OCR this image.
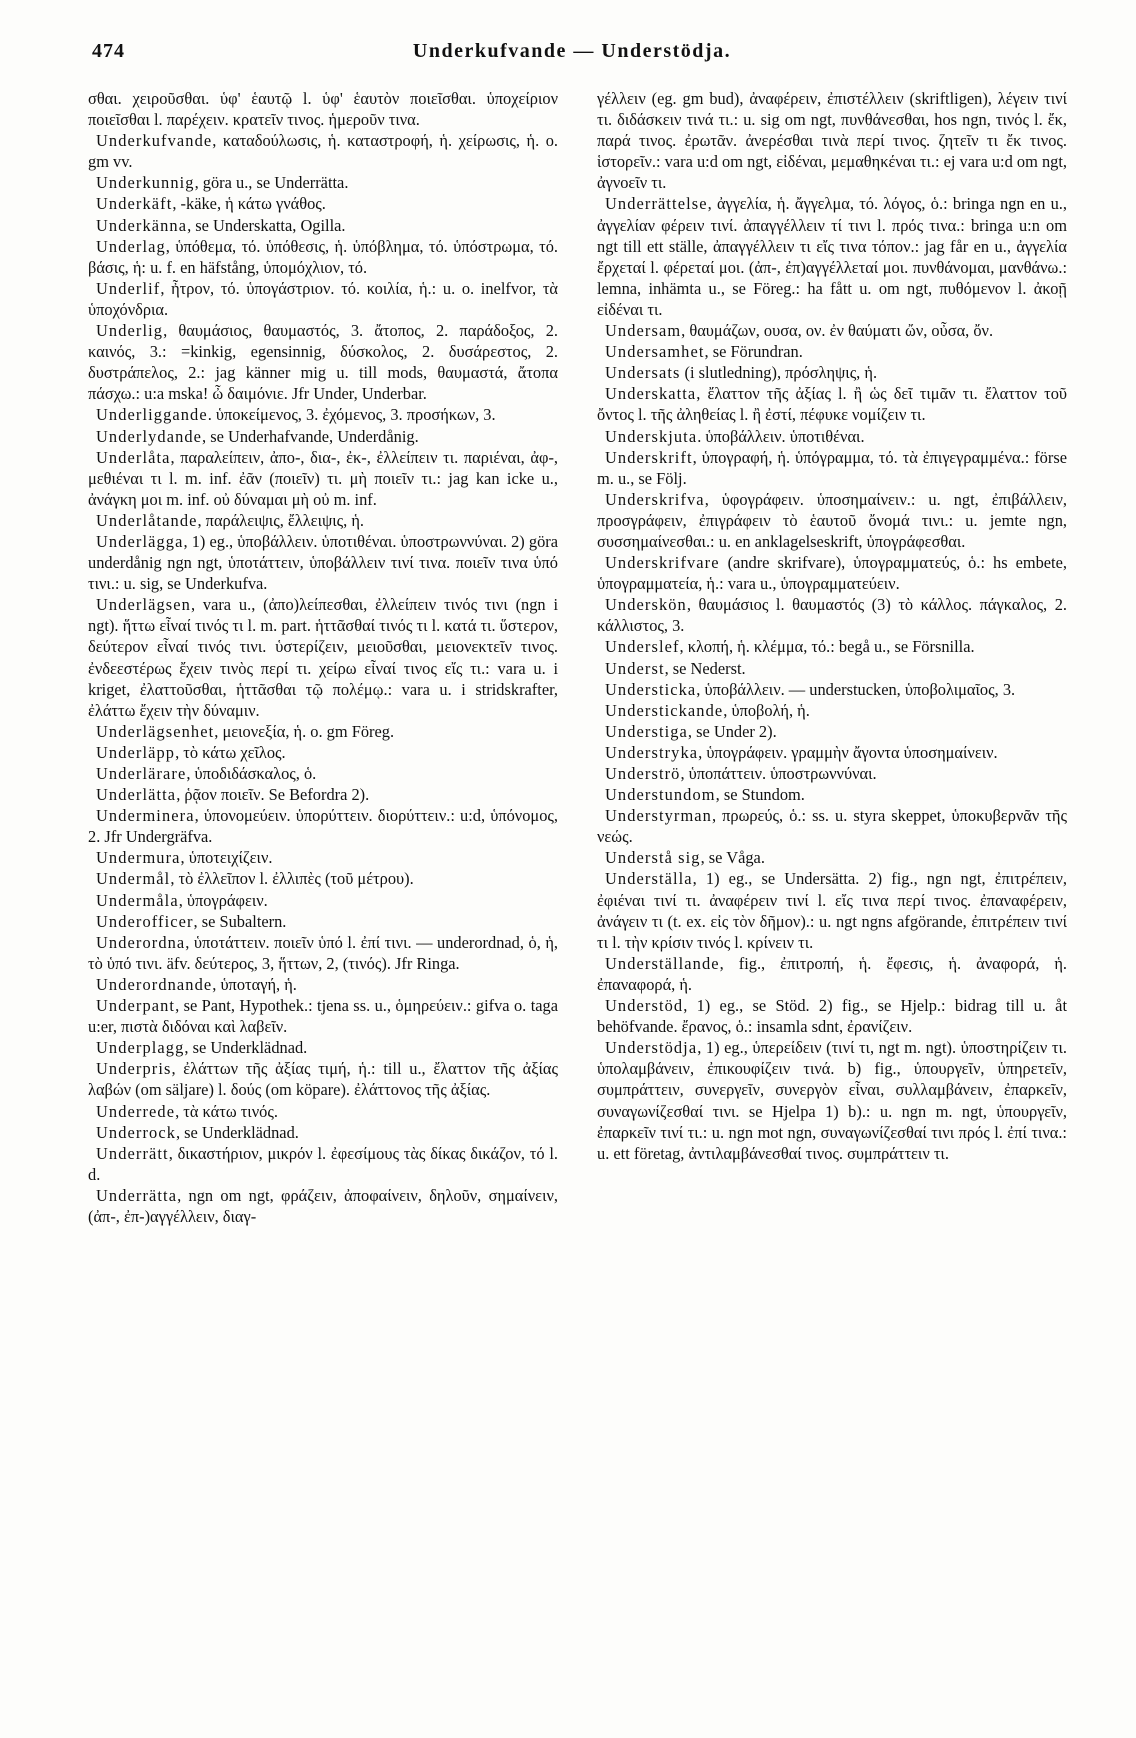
474	Underkufvande — Understödja.

σθαι. χειροῦσθαι. ὑφ' ἑαυτῷ l. ὑφ' ἑαυτὸν ποιεῖσθαι. ὑποχείριον ποιεῖσθαι l. παρέχειν. κρατεῖν τινος. ἡμεροῦν τινα.

Underkufvande, καταδούλωσις, ἡ. καταστροφή, ἡ. χείρωσις, ἡ. o. gm vv.

Underkunnig, göra u., se Underrätta.

Underkäft, -käke, ἡ κάτω γνάθος.

Underkänna, se Underskatta, Ogilla.

Underlag, ὑπόθεμα, τό. ὑπόθεσις, ἡ. ὑπόβλημα, τό. ὑπόστρωμα, τό. βάσις, ἡ: u. f. en häfstång, ὑπομόχλιον, τό.

Underlif, ἦτρον, τό. ὑπογάστριον. τό. κοιλία, ἡ.: u. o. inelfvor, τὰ ὑποχόνδρια.

Underlig, θαυμάσιος, θαυμαστός, 3. ἄτοπος, 2. παράδοξος, 2. καινός, 3.: =kinkig, egensinnig, δύσκολος, 2. δυσάρεστος, 2. δυστράπελος, 2.: jag känner mig u. till mods, θαυμαστά, ἄτοπα πάσχω.: u:a mska! ὦ δαιμόνιε. Jfr Under, Underbar.

Underliggande. ὑποκείμενος, 3. ἐχόμενος, 3. προσήκων, 3.

Underlydande, se Underhafvande, Underdånig.

Underlåta, παραλείπειν, ἀπο-, δια-, ἐκ-, ἐλλείπειν τι. παριέναι, ἀφ-, μεθιέναι τι l. m. inf. ἐᾶν (ποιεῖν) τι. μὴ ποιεῖν τι.: jag kan icke u., ἀνάγκη μοι m. inf. οὐ δύναμαι μὴ οὐ m. inf.

Underlåtande, παράλειψις, ἔλλειψις, ἡ.

Underlägga, 1) eg., ὑποβάλλειν. ὑποτιθέναι. ὑποστρωννύναι. 2) göra underdånig ngn ngt, ὑποτάττειν, ὑποβάλλειν τινί τινα. ποιεῖν τινα ὑπό τινι.: u. sig, se Underkufva.

Underlägsen, vara u., (ἀπο)λείπεσθαι, ἐλλείπειν τινός τινι (ngn i ngt). ἥττω εἶναί τινός τι l. m. part. ἡττᾶσθαί τινός τι l. κατά τι. ὕστερον, δεύτερον εἶναί τινός τινι. ὑστερίζειν, μειοῦσθαι, μειονεκτεῖν τινος. ἐνδεεστέρως ἔχειν τινὸς περί τι. χείρω εἶναί τινος εἴς τι.: vara u. i kriget, ἐλαττοῦσθαι, ἡττᾶσθαι τῷ πολέμῳ.: vara u. i stridskrafter, ἐλάττω ἔχειν τὴν δύναμιν.

Underlägsenhet, μειονεξία, ἡ. o. gm Föreg.

Underläpp, τὸ κάτω χεῖλος.

Underlärare, ὑποδιδάσκαλος, ὁ.

Underlätta, ῥᾷον ποιεῖν. Se Befordra 2).

Underminera, ὑπονομεύειν. ὑπορύττειν. διορύττειν.: u:d, ὑπόνομος, 2. Jfr Undergräfva.

Undermura, ὑποτειχίζειν.

Undermål, τὸ ἐλλεῖπον l. ἐλλιπὲς (τοῦ μέτρου).

Undermåla, ὑπογράφειν.

Underofficer, se Subaltern.

Underordna, ὑποτάττειν. ποιεῖν ὑπό l. ἐπί τινι. — underordnad, ὁ, ἡ, τὸ ὑπό τινι. äfv. δεύτερος, 3, ἥττων, 2, (τινός). Jfr Ringa.

Underordnande, ὑποταγή, ἡ.

Underpant, se Pant, Hypothek.: tjena ss. u., ὁμηρεύειν.: gifva o. taga u:er, πιστὰ διδόναι καὶ λαβεῖν.

Underplagg, se Underklädnad.

Underpris, ἐλάττων τῆς ἀξίας τιμή, ἡ.: till u., ἔλαττον τῆς ἀξίας λαβών (om säljare) l. δούς (om köpare). ἐλάττονος τῆς ἀξίας.

Underrede, τὰ κάτω τινός.

Underrock, se Underklädnad.

Underrätt, δικαστήριον, μικρόν l. ἐφεσίμους τὰς δίκας δικάζον, τό l. d.

Underrätta, ngn om ngt, φράζειν, ἀποφαίνειν, δηλοῦν, σημαίνειν, (ἀπ-, ἐπ-)αγγέλλειν, διαγ-

γέλλειν (eg. gm bud), ἀναφέρειν, ἐπιστέλλειν (skriftligen), λέγειν τινί τι. διδάσκειν τινά τι.: u. sig om ngt, πυνθάνεσθαι, hos ngn, τινός l. ἔκ, παρά τινος. ἐρωτᾶν. ἀνερέσθαι τινὰ περί τινος. ζητεῖν τι ἔκ τινος. ἱστορεῖν.: vara u:d om ngt, εἰδέναι, μεμαθηκέναι τι.: ej vara u:d om ngt, ἀγνοεῖν τι.

Underrättelse, ἀγγελία, ἡ. ἄγγελμα, τό. λόγος, ὁ.: bringa ngn en u., ἀγγελίαν φέρειν τινί. ἀπαγγέλλειν τί τινι l. πρός τινα.: bringa u:n om ngt till ett ställe, ἀπαγγέλλειν τι εἴς τινα τόπον.: jag får en u., ἀγγελία ἔρχεταί l. φέρεταί μοι. (ἀπ-, ἐπ)αγγέλλεταί μοι. πυνθάνομαι, μανθάνω.: lemna, inhämta u., se Föreg.: ha fått u. om ngt, πυθόμενον l. ἀκοῇ εἰδέναι τι.

Undersam, θαυμάζων, ουσα, ον. ἐν θαύματι ὤν, οὖσα, ὄν.

Undersamhet, se Förundran.

Undersats (i slutledning), πρόσληψις, ἡ.

Underskatta, ἔλαττον τῆς ἀξίας l. ἢ ὡς δεῖ τιμᾶν τι. ἔλαττον τοῦ ὄντος l. τῆς ἀληθείας l. ἢ ἐστί, πέφυκε νομίζειν τι.

Underskjuta. ὑποβάλλειν. ὑποτιθέναι.

Underskrift, ὑπογραφή, ἡ. ὑπόγραμμα, τό. τὰ ἐπιγεγραμμένα.: förse m. u., se Följ.

Underskrifva, ὑφογράφειν. ὑποσημαίνειν.: u. ngt, ἐπιβάλλειν, προσγράφειν, ἐπιγράφειν τὸ ἑαυτοῦ ὄνομά τινι.: u. jemte ngn, συσσημαίνεσθαι.: u. en anklagelseskrift, ὑπογράφεσθαι.

Underskrifvare (andre skrifvare), ὑπογραμματεύς, ὁ.: hs embete, ὑπογραμματεία, ἡ.: vara u., ὑπογραμματεύειν.

Underskön, θαυμάσιος l. θαυμαστός (3) τὸ κάλλος. πάγκαλος, 2. κάλλιστος, 3.

Underslef, κλοπή, ἡ. κλέμμα, τό.: begå u., se Försnilla.

Underst, se Nederst.

Understicka, ὑποβάλλειν. — understucken, ὑποβολιμαῖος, 3.

Understickande, ὑποβολή, ἡ.

Understiga, se Under 2).

Understryka, ὑπογράφειν. γραμμὴν ἄγοντα ὑποσημαίνειν.

Underströ, ὑποπάττειν. ὑποστρωννύναι.

Understundom, se Stundom.

Understyrman, πρωρεύς, ὁ.: ss. u. styra skeppet, ὑποκυβερνᾶν τῆς νεώς.

Understå sig, se Våga.

Underställa, 1) eg., se Undersätta. 2) fig., ngn ngt, ἐπιτρέπειν, ἐφιέναι τινί τι. ἀναφέρειν τινί l. εἴς τινα περί τινος. ἐπαναφέρειν, ἀνάγειν τι (t. ex. εἰς τὸν δῆμον).: u. ngt ngns afgörande, ἐπιτρέπειν τινί τι l. τὴν κρίσιν τινός l. κρίνειν τι.

Underställande, fig., ἐπιτροπή, ἡ. ἔφεσις, ἡ. ἀναφορά, ἡ. ἐπαναφορά, ἡ.

Understöd, 1) eg., se Stöd. 2) fig., se Hjelp.: bidrag till u. åt behöfvande. ἔρανος, ὁ.: insamla sdnt, ἐρανίζειν.

Understödja, 1) eg., ὑπερείδειν (τινί τι, ngt m. ngt). ὑποστηρίζειν τι. ὑπολαμβάνειν, ἐπικουφίζειν τινά. b) fig., ὑπουργεῖν, ὑπηρετεῖν, συμπράττειν, συνεργεῖν, συνεργὸν εἶναι, συλλαμβάνειν, ἐπαρκεῖν, συναγωνίζεσθαί τινι. se Hjelpa 1) b).: u. ngn m. ngt, ὑπουργεῖν, ἐπαρκεῖν τινί τι.: u. ngn mot ngn, συναγωνίζεσθαί τινι πρός l. ἐπί τινα.: u. ett företag, ἀντιλαμβάνεσθαί τινος. συμπράττειν τι.
